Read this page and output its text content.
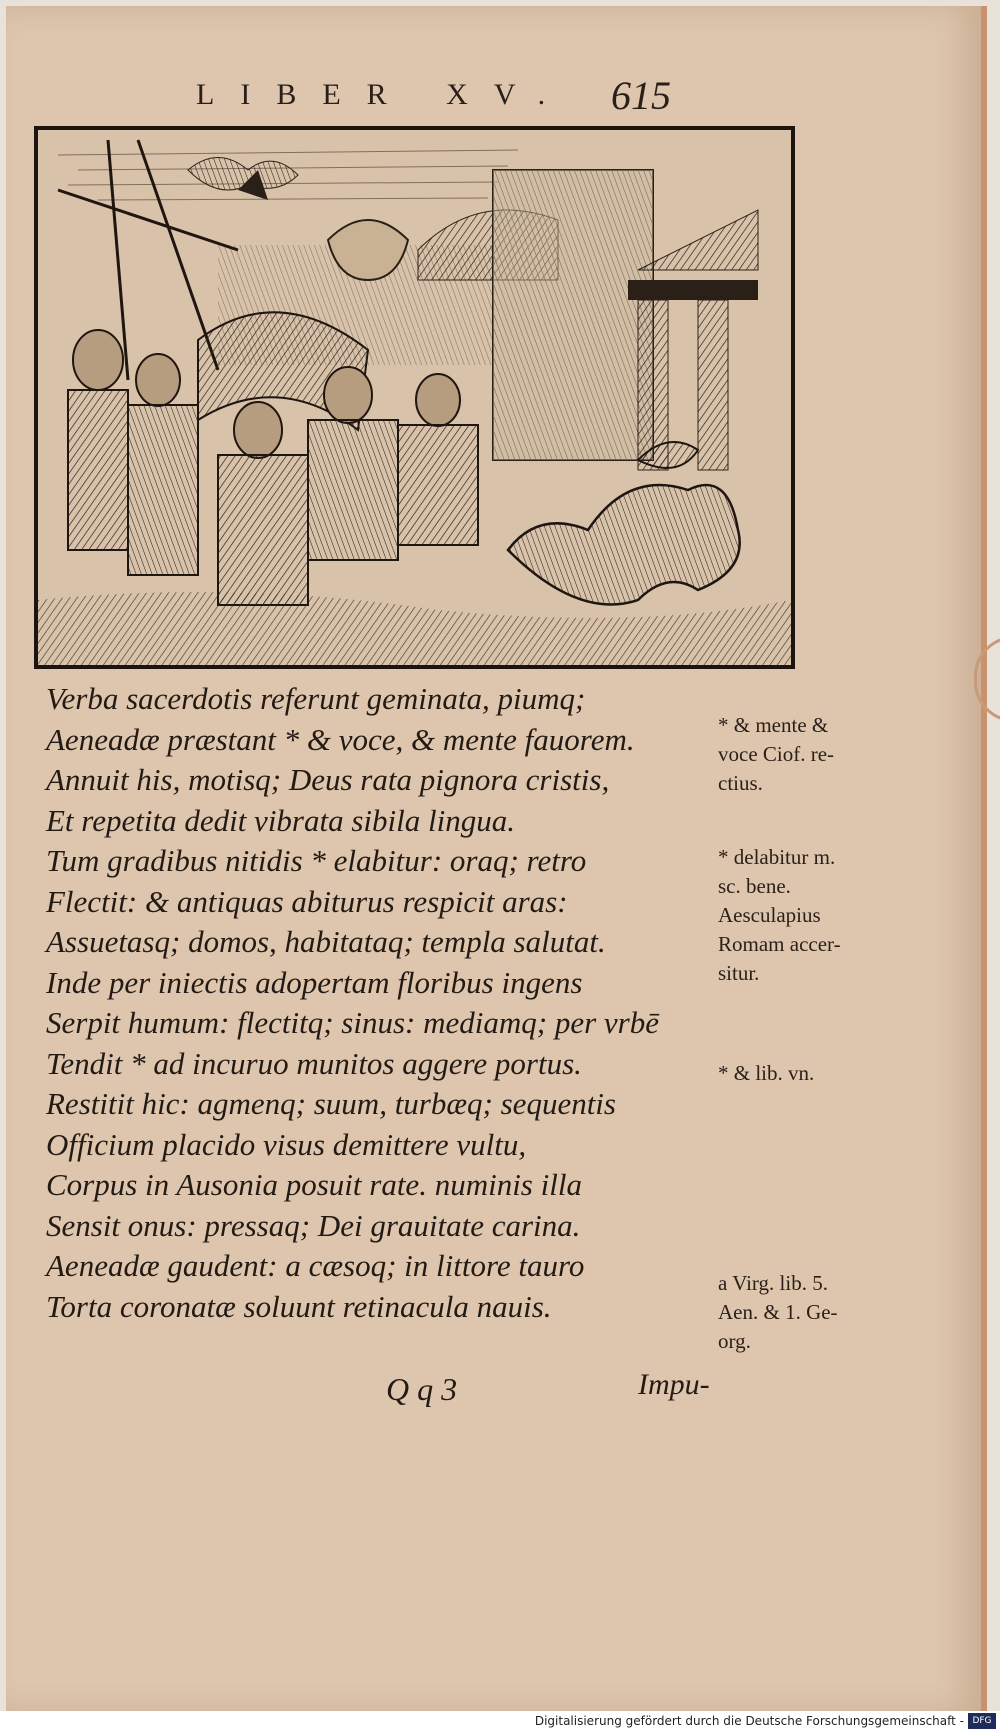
LIBER XV. 615
Verba sacerdotis referunt geminata, piumq;
Aeneadæ præstant * & voce, & mente fauorem.
Annuit his, motisq; Deus rata pignora cristis,
Et repetita dedit vibrata sibila lingua.
Tum gradibus nitidis * elabitur: oraq; retro
Flectit: & antiquas abiturus respicit aras:
Assuetasq; domos, habitataq; templa salutat.
Inde per iniectis adopertam floribus ingens
Serpit humum: flectitq; sinus: mediamq; per vrbē
Tendit * ad incuruo munitos aggere portus.
Restitit hic: agmenq; suum, turbæq; sequentis
Officium placido visus demittere vultu,
Corpus in Ausonia posuit rate. numinis illa
Sensit onus: pressaq; Dei grauitate carina.
Aeneadæ gaudent: a cæsoq; in littore tauro
Torta coronatæ soluunt retinacula nauis.
* & mente &
voce Ciof. re-
ctius.
* delabitur m.
sc. bene.
Aesculapius
Romam accer-
situr.
* & lib. vn.
a Virg. lib. 5.
Aen. & 1. Ge-
org.
Q q 3	Impu-
Digitalisierung gefördert durch die Deutsche Forschungsgemeinschaft - DFG
